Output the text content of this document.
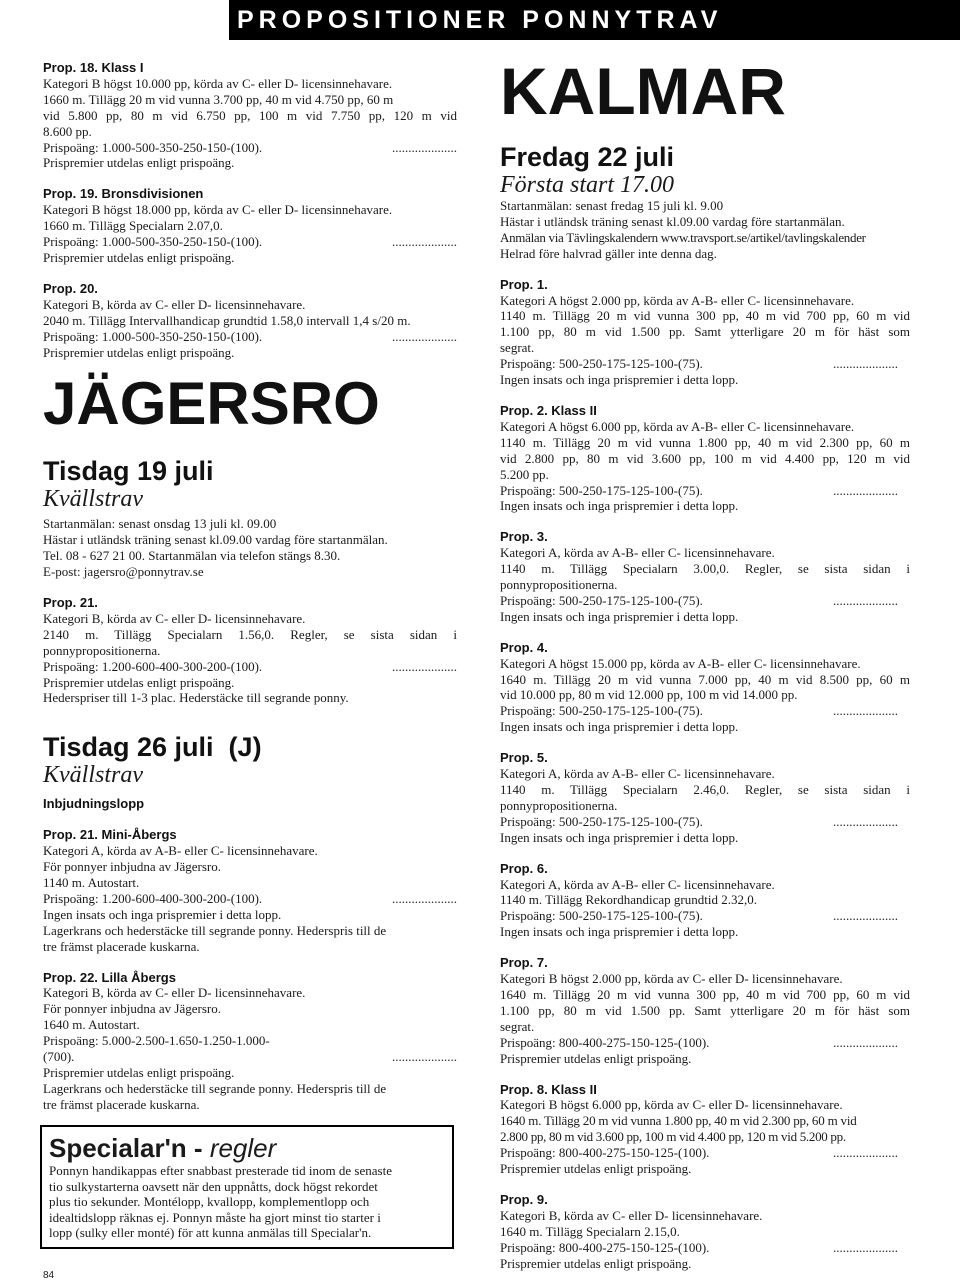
PROPOSITIONER PONNYTRAV
Prop. 18. Klass I
Kategori B högst 10.000 pp, körda av C- eller D- licensinnehavare.
1660 m. Tillägg 20 m vid vunna 3.700 pp, 40 m vid 4.750 pp, 60 m
vid 5.800 pp, 80 m vid 6.750 pp, 100 m vid 7.750 pp, 120 m vid
8.600 pp.
Prispoäng: 1.000-500-350-250-150-(100).	....................
Prispremier utdelas enligt prispoäng.
Prop. 19. Bronsdivisionen
Kategori B högst 18.000 pp, körda av C- eller D- licensinnehavare.
1660 m. Tillägg Specialarn 2.07,0.
Prispoäng: 1.000-500-350-250-150-(100).	....................
Prispremier utdelas enligt prispoäng.
Prop. 20.
Kategori B, körda av C- eller D- licensinnehavare.
2040 m. Tillägg Intervallhandicap grundtid 1.58,0 intervall 1,4 s/20 m.
Prispoäng: 1.000-500-350-250-150-(100).	....................
Prispremier utdelas enligt prispoäng.
JÄGERSRO
Tisdag 19 juli
Kvällstrav
Startanmälan: senast onsdag 13 juli kl. 09.00
Hästar i utländsk träning senast kl.09.00 vardag före startanmälan.
Tel. 08 - 627 21 00. Startanmälan via telefon stängs 8.30.
E-post: jagersro@ponnytrav.se
Prop. 21.
Kategori B, körda av C- eller D- licensinnehavare.
2140 m. Tillägg Specialarn 1.56,0. Regler, se sista sidan i
ponnypropositionerna.
Prispoäng: 1.200-600-400-300-200-(100).	....................
Prispremier utdelas enligt prispoäng.
Hederspriser till 1-3 plac. Hederstäcke till segrande ponny.
Tisdag 26 juli  (J)
Kvällstrav
Inbjudningslopp
Prop. 21. Mini-Åbergs
Kategori A, körda av A-B- eller C- licensinnehavare.
För ponnyer inbjudna av Jägersro.
1140 m. Autostart.
Prispoäng: 1.200-600-400-300-200-(100).	....................
Ingen insats och inga prispremier i detta lopp.
Lagerkrans och hederstäcke till segrande ponny. Hederspris till de
tre främst placerade kuskarna.
Prop. 22. Lilla Åbergs
Kategori B, körda av C- eller D- licensinnehavare.
För ponnyer inbjudna av Jägersro.
1640 m. Autostart.
Prispoäng: 5.000-2.500-1.650-1.250-1.000-
(700).	....................
Prispremier utdelas enligt prispoäng.
Lagerkrans och hederstäcke till segrande ponny. Hederspris till de
tre främst placerade kuskarna.
Specialar'n - regler
Ponnyn handikappas efter snabbast presterade tid inom de senaste
tio sulkystarterna oavsett när den uppnåtts, dock högst rekordet
plus tio sekunder. Montélopp, kvallopp, komplementlopp och
idealtidslopp räknas ej. Ponnyn måste ha gjort minst tio starter i
lopp (sulky eller monté) för att kunna anmälas till Specialar'n.
KALMAR
Fredag 22 juli
Första start 17.00
Startanmälan: senast fredag 15 juli kl. 9.00
Hästar i utländsk träning senast kl.09.00 vardag före startanmälan.
Anmälan via Tävlingskalendern www.travsport.se/artikel/tavlingskalender
Helrad före halvrad gäller inte denna dag.
Prop. 1.
Kategori A högst 2.000 pp, körda av A-B- eller C- licensinnehavare.
1140 m. Tillägg 20 m vid vunna 300 pp, 40 m vid 700 pp, 60 m vid
1.100 pp, 80 m vid 1.500 pp. Samt ytterligare 20 m för häst som
segrat.
Prispoäng: 500-250-175-125-100-(75).	....................
Ingen insats och inga prispremier i detta lopp.
Prop. 2. Klass II
Kategori A högst 6.000 pp, körda av A-B- eller C- licensinnehavare.
1140 m. Tillägg 20 m vid vunna 1.800 pp, 40 m vid 2.300 pp, 60 m
vid 2.800 pp, 80 m vid 3.600 pp, 100 m vid 4.400 pp, 120 m vid
5.200 pp.
Prispoäng: 500-250-175-125-100-(75).	....................
Ingen insats och inga prispremier i detta lopp.
Prop. 3.
Kategori A, körda av A-B- eller C- licensinnehavare.
1140 m. Tillägg Specialarn 3.00,0. Regler, se sista sidan i
ponnypropositionerna.
Prispoäng: 500-250-175-125-100-(75).	....................
Ingen insats och inga prispremier i detta lopp.
Prop. 4.
Kategori A högst 15.000 pp, körda av A-B- eller C- licensinnehavare.
1640 m. Tillägg 20 m vid vunna 7.000 pp, 40 m vid 8.500 pp, 60 m
vid 10.000 pp, 80 m vid 12.000 pp, 100 m vid 14.000 pp.
Prispoäng: 500-250-175-125-100-(75).	....................
Ingen insats och inga prispremier i detta lopp.
Prop. 5.
Kategori A, körda av A-B- eller C- licensinnehavare.
1140 m. Tillägg Specialarn 2.46,0. Regler, se sista sidan i
ponnypropositionerna.
Prispoäng: 500-250-175-125-100-(75).	....................
Ingen insats och inga prispremier i detta lopp.
Prop. 6.
Kategori A, körda av A-B- eller C- licensinnehavare.
1140 m. Tillägg Rekordhandicap grundtid 2.32,0.
Prispoäng: 500-250-175-125-100-(75).	....................
Ingen insats och inga prispremier i detta lopp.
Prop. 7.
Kategori B högst 2.000 pp, körda av C- eller D- licensinnehavare.
1640 m. Tillägg 20 m vid vunna 300 pp, 40 m vid 700 pp, 60 m vid
1.100 pp, 80 m vid 1.500 pp. Samt ytterligare 20 m för häst som
segrat.
Prispoäng: 800-400-275-150-125-(100).	....................
Prispremier utdelas enligt prispoäng.
Prop. 8. Klass II
Kategori B högst 6.000 pp, körda av C- eller D- licensinnehavare.
1640 m. Tillägg 20 m vid vunna 1.800 pp, 40 m vid 2.300 pp, 60 m vid
2.800 pp, 80 m vid 3.600 pp, 100 m vid 4.400 pp, 120 m vid 5.200 pp.
Prispoäng: 800-400-275-150-125-(100).	....................
Prispremier utdelas enligt prispoäng.
Prop. 9.
Kategori B, körda av C- eller D- licensinnehavare.
1640 m. Tillägg Specialarn 2.15,0.
Prispoäng: 800-400-275-150-125-(100).	....................
Prispremier utdelas enligt prispoäng.
84
